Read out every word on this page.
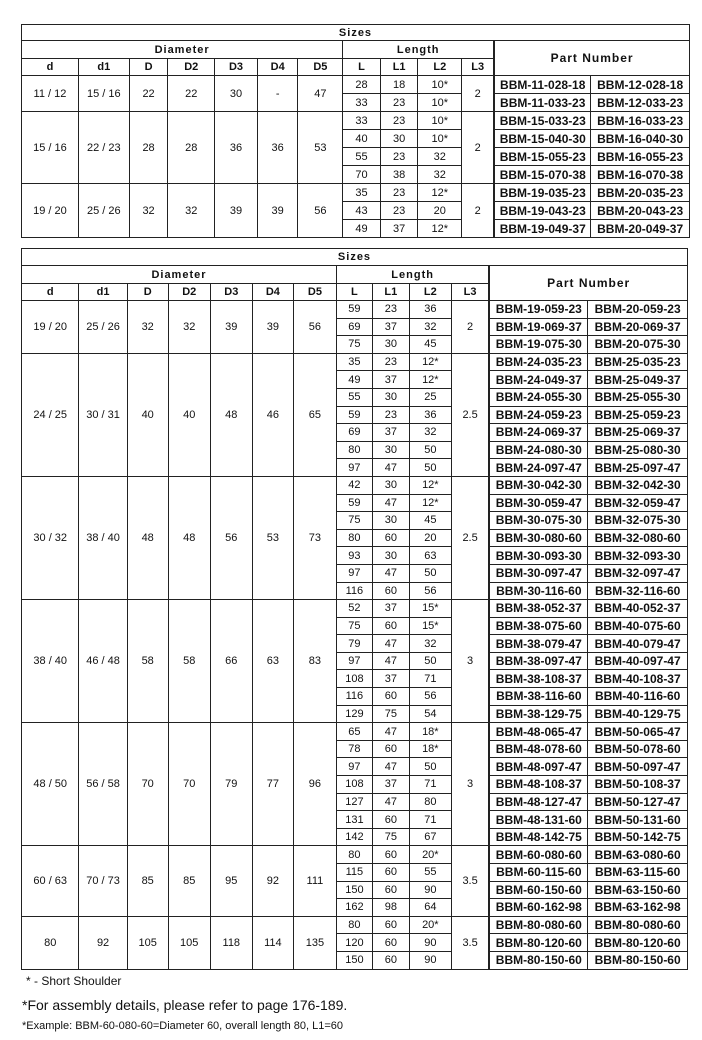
Sizes												
Diameter							Length				Part Number	
d	d1	D	D2	D3	D4	D5	L	L1	L2	L3		
11 / 12	15 / 16	22	22	30	-	47	28	18	10*	2	BBM-11-028-18	BBM-12-028-18
							33	23	10*		BBM-11-033-23	BBM-12-033-23
15 / 16	22 / 23	28	28	36	36	53	33	23	10*	2	BBM-15-033-23	BBM-16-033-23
							40	30	10*		BBM-15-040-30	BBM-16-040-30
							55	23	32		BBM-15-055-23	BBM-16-055-23
							70	38	32		BBM-15-070-38	BBM-16-070-38
19 / 20	25 / 26	32	32	39	39	56	35	23	12*	2	BBM-19-035-23	BBM-20-035-23
							43	23	20		BBM-19-043-23	BBM-20-043-23
							49	37	12*		BBM-19-049-37	BBM-20-049-37
Sizes												
Diameter							Length				Part Number	
d	d1	D	D2	D3	D4	D5	L	L1	L2	L3		
19 / 20	25 / 26	32	32	39	39	56	59	23	36	2	BBM-19-059-23	BBM-20-059-23
							69	37	32		BBM-19-069-37	BBM-20-069-37
							75	30	45		BBM-19-075-30	BBM-20-075-30
24 / 25	30 / 31	40	40	48	46	65	35	23	12*	2.5	BBM-24-035-23	BBM-25-035-23
							49	37	12*		BBM-24-049-37	BBM-25-049-37
							55	30	25		BBM-24-055-30	BBM-25-055-30
							59	23	36		BBM-24-059-23	BBM-25-059-23
							69	37	32		BBM-24-069-37	BBM-25-069-37
							80	30	50		BBM-24-080-30	BBM-25-080-30
							97	47	50		BBM-24-097-47	BBM-25-097-47
30 / 32	38 / 40	48	48	56	53	73	42	30	12*	2.5	BBM-30-042-30	BBM-32-042-30
							59	47	12*		BBM-30-059-47	BBM-32-059-47
							75	30	45		BBM-30-075-30	BBM-32-075-30
							80	60	20		BBM-30-080-60	BBM-32-080-60
							93	30	63		BBM-30-093-30	BBM-32-093-30
							97	47	50		BBM-30-097-47	BBM-32-097-47
							116	60	56		BBM-30-116-60	BBM-32-116-60
38 / 40	46 / 48	58	58	66	63	83	52	37	15*	3	BBM-38-052-37	BBM-40-052-37
							75	60	15*		BBM-38-075-60	BBM-40-075-60
							79	47	32		BBM-38-079-47	BBM-40-079-47
							97	47	50		BBM-38-097-47	BBM-40-097-47
							108	37	71		BBM-38-108-37	BBM-40-108-37
							116	60	56		BBM-38-116-60	BBM-40-116-60
							129	75	54		BBM-38-129-75	BBM-40-129-75
48 / 50	56 / 58	70	70	79	77	96	65	47	18*	3	BBM-48-065-47	BBM-50-065-47
							78	60	18*		BBM-48-078-60	BBM-50-078-60
							97	47	50		BBM-48-097-47	BBM-50-097-47
							108	37	71		BBM-48-108-37	BBM-50-108-37
							127	47	80		BBM-48-127-47	BBM-50-127-47
							131	60	71		BBM-48-131-60	BBM-50-131-60
							142	75	67		BBM-48-142-75	BBM-50-142-75
60 / 63	70 / 73	85	85	95	92	111	80	60	20*	3.5	BBM-60-080-60	BBM-63-080-60
							115	60	55		BBM-60-115-60	BBM-63-115-60
							150	60	90		BBM-60-150-60	BBM-63-150-60
							162	98	64		BBM-60-162-98	BBM-63-162-98
80	92	105	105	118	114	135	80	60	20*	3.5	BBM-80-080-60	BBM-80-080-60
							120	60	90		BBM-80-120-60	BBM-80-120-60
							150	60	90		BBM-80-150-60	BBM-80-150-60
* - Short Shoulder
*For assembly details, please refer to page 176-189.
*Example: BBM-60-080-60=Diameter 60, overall length 80, L1=60
